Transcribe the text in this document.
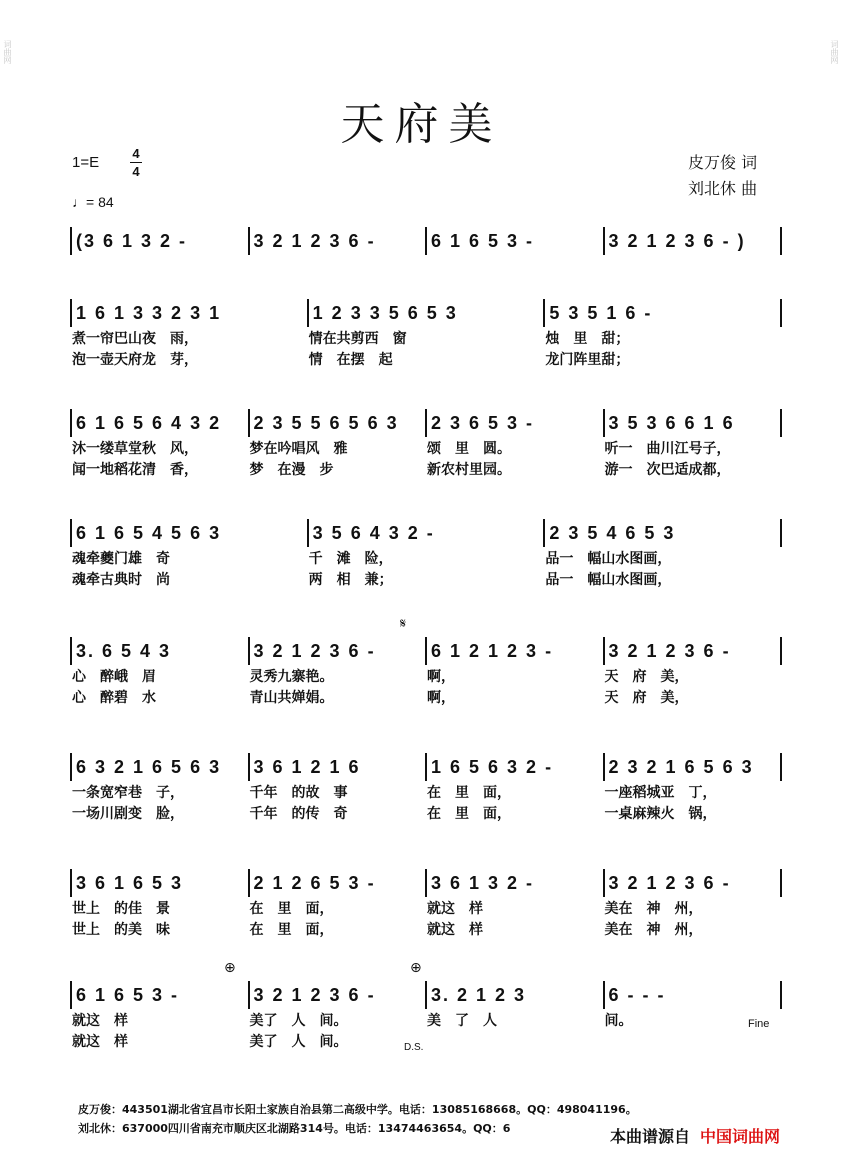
词曲网	词曲网
天府美
1=E
4
4
♩= 84
皮万俊 词
刘北休 曲
(3 6 1 3 2 -	3 2 1 2 3 6 -	6 1 6 5 3 -	3 2 1 2 3 6 - )
1 6 1 3 3 2 3 1	1 2 3 3 5 6 5 3	5 3 5 1 6 -
煮一帘巴山夜　雨，	情在共剪西　窗	烛　里　甜；
泡一壶天府龙　芽，	情　在摆　起	龙门阵里甜；
6 1 6 5 6 4 3 2	2 3 5 5 6 5 6 3	2 3 6 5 3 -	3 5 3 6 6 1 6
沐一缕草堂秋　风，	梦在吟唱风　雅	颂　里　圆。	听一　曲川江号子，
闻一地稻花清　香，	梦　在漫　步	新农村里园。	游一　次巴适成都，
6 1 6 5 4 5 6 3	3 5 6 4 3 2 -	2 3 5 4 6 5 3
魂牵夔门雄　奇	千　滩　险，	品一　幅山水图画，
魂牵古典时　尚	两　相　兼；	品一　幅山水图画，
3. 6 5 4 3	3 2 1 2 3 6 -	6 1 2 1 2 3 -	3 2 1 2 3 6 -
心　醉峨　眉	灵秀九寨艳。	啊，	天　府　美，
心　醉碧　水	青山共婵娟。	啊，	天　府　美，
6 3 2 1 6 5 6 3	3 6 1 2 1 6	1 6 5 6 3 2 -	2 3 2 1 6 5 6 3
一条宽窄巷　子，	千年　的故　事	在　里　面，	一座稻城亚　丁，
一场川剧变　脸，	千年　的传　奇	在　里　面，	一桌麻辣火　锅，
3 6 1 6 5 3	2 1 2 6 5 3 -	3 6 1 3 2 -	3 2 1 2 3 6 -
世上　的佳　景	在　里　面，	就这　样	美在　神　州，
世上　的美　味	在　里　面，	就这　样	美在　神　州，
6 1 6 5 3 -	3 2 1 2 3 6 -	3. 2 1 2 3	6 - - -
就这　样	美了　人　间。	美　了　人	间。
就这　样	美了　人　间。
𝄋
⊕	⊕
Fine
D.S.
皮万俊：443501湖北省宜昌市长阳土家族自治县第二高级中学。电话：13085168668。QQ：498041196。
刘北休：637000四川省南充市顺庆区北湖路314号。电话：13474463654。QQ：6	本曲谱源自 中国词曲网
